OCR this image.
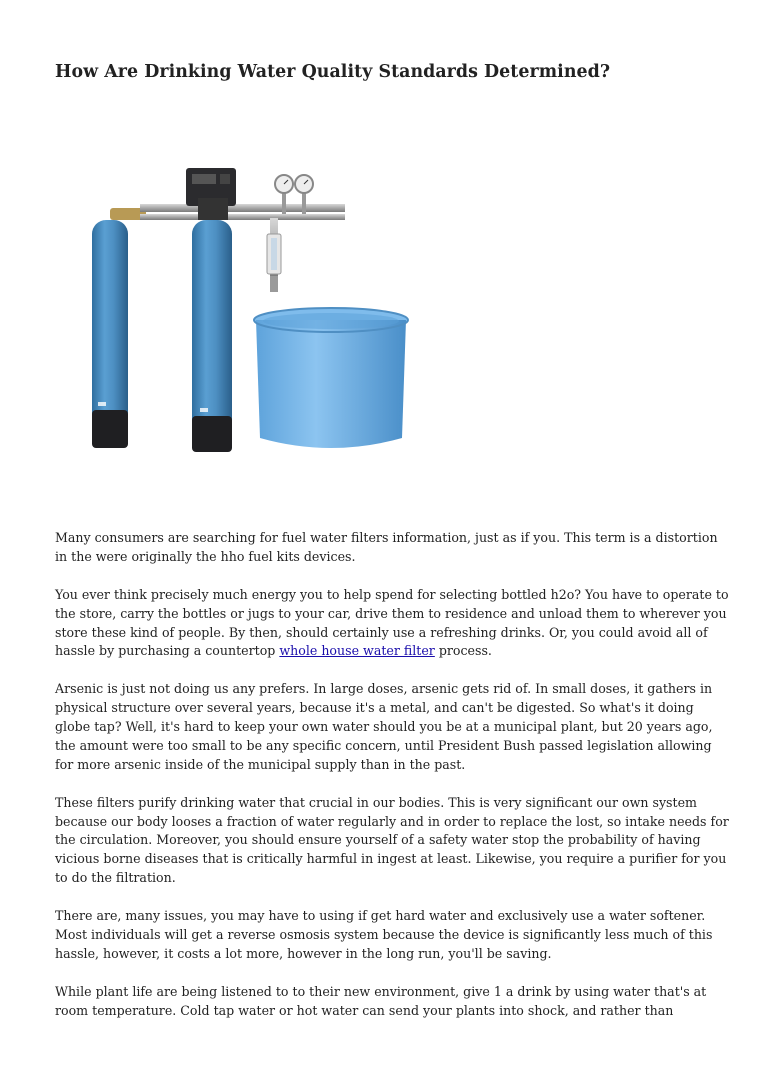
How Are Drinking Water Quality Standards Determined?

Many consumers are searching for fuel water filters information, just as if you. This term is a distortion in the were originally the hho fuel kits devices.

You ever think precisely much energy you to help spend for selecting bottled h2o? You have to operate to the store, carry the bottles or jugs to your car, drive them to residence and unload them to wherever you store these kind of people. By then, should certainly use a refreshing drinks. Or, you could avoid all of hassle by purchasing a countertop whole house water filter process.

Arsenic is just not doing us any prefers. In large doses, arsenic gets rid of. In small doses, it gathers in physical structure over several years, because it's a metal, and can't be digested. So what's it doing globe tap? Well, it's hard to keep your own water should you be at a municipal plant, but 20 years ago, the amount were too small to be any specific concern, until President Bush passed legislation allowing for more arsenic inside of the municipal supply than in the past.

These filters purify drinking water that crucial in our bodies. This is very significant our own system because our body looses a fraction of water regularly and in order to replace the lost, so intake needs for the circulation. Moreover, you should ensure yourself of a safety water stop the probability of having vicious borne diseases that is critically harmful in ingest at least. Likewise, you require a purifier for you to do the filtration.

There are, many issues, you may have to using if get hard water and exclusively use a water softener. Most individuals will get a reverse osmosis system because the device is significantly less much of this hassle, however, it costs a lot more, however in the long run, you'll be saving.

While plant life are being listened to to their new environment, give 1 a drink by using water that's at room temperature. Cold tap water or hot water can send your plants into shock, and rather than
